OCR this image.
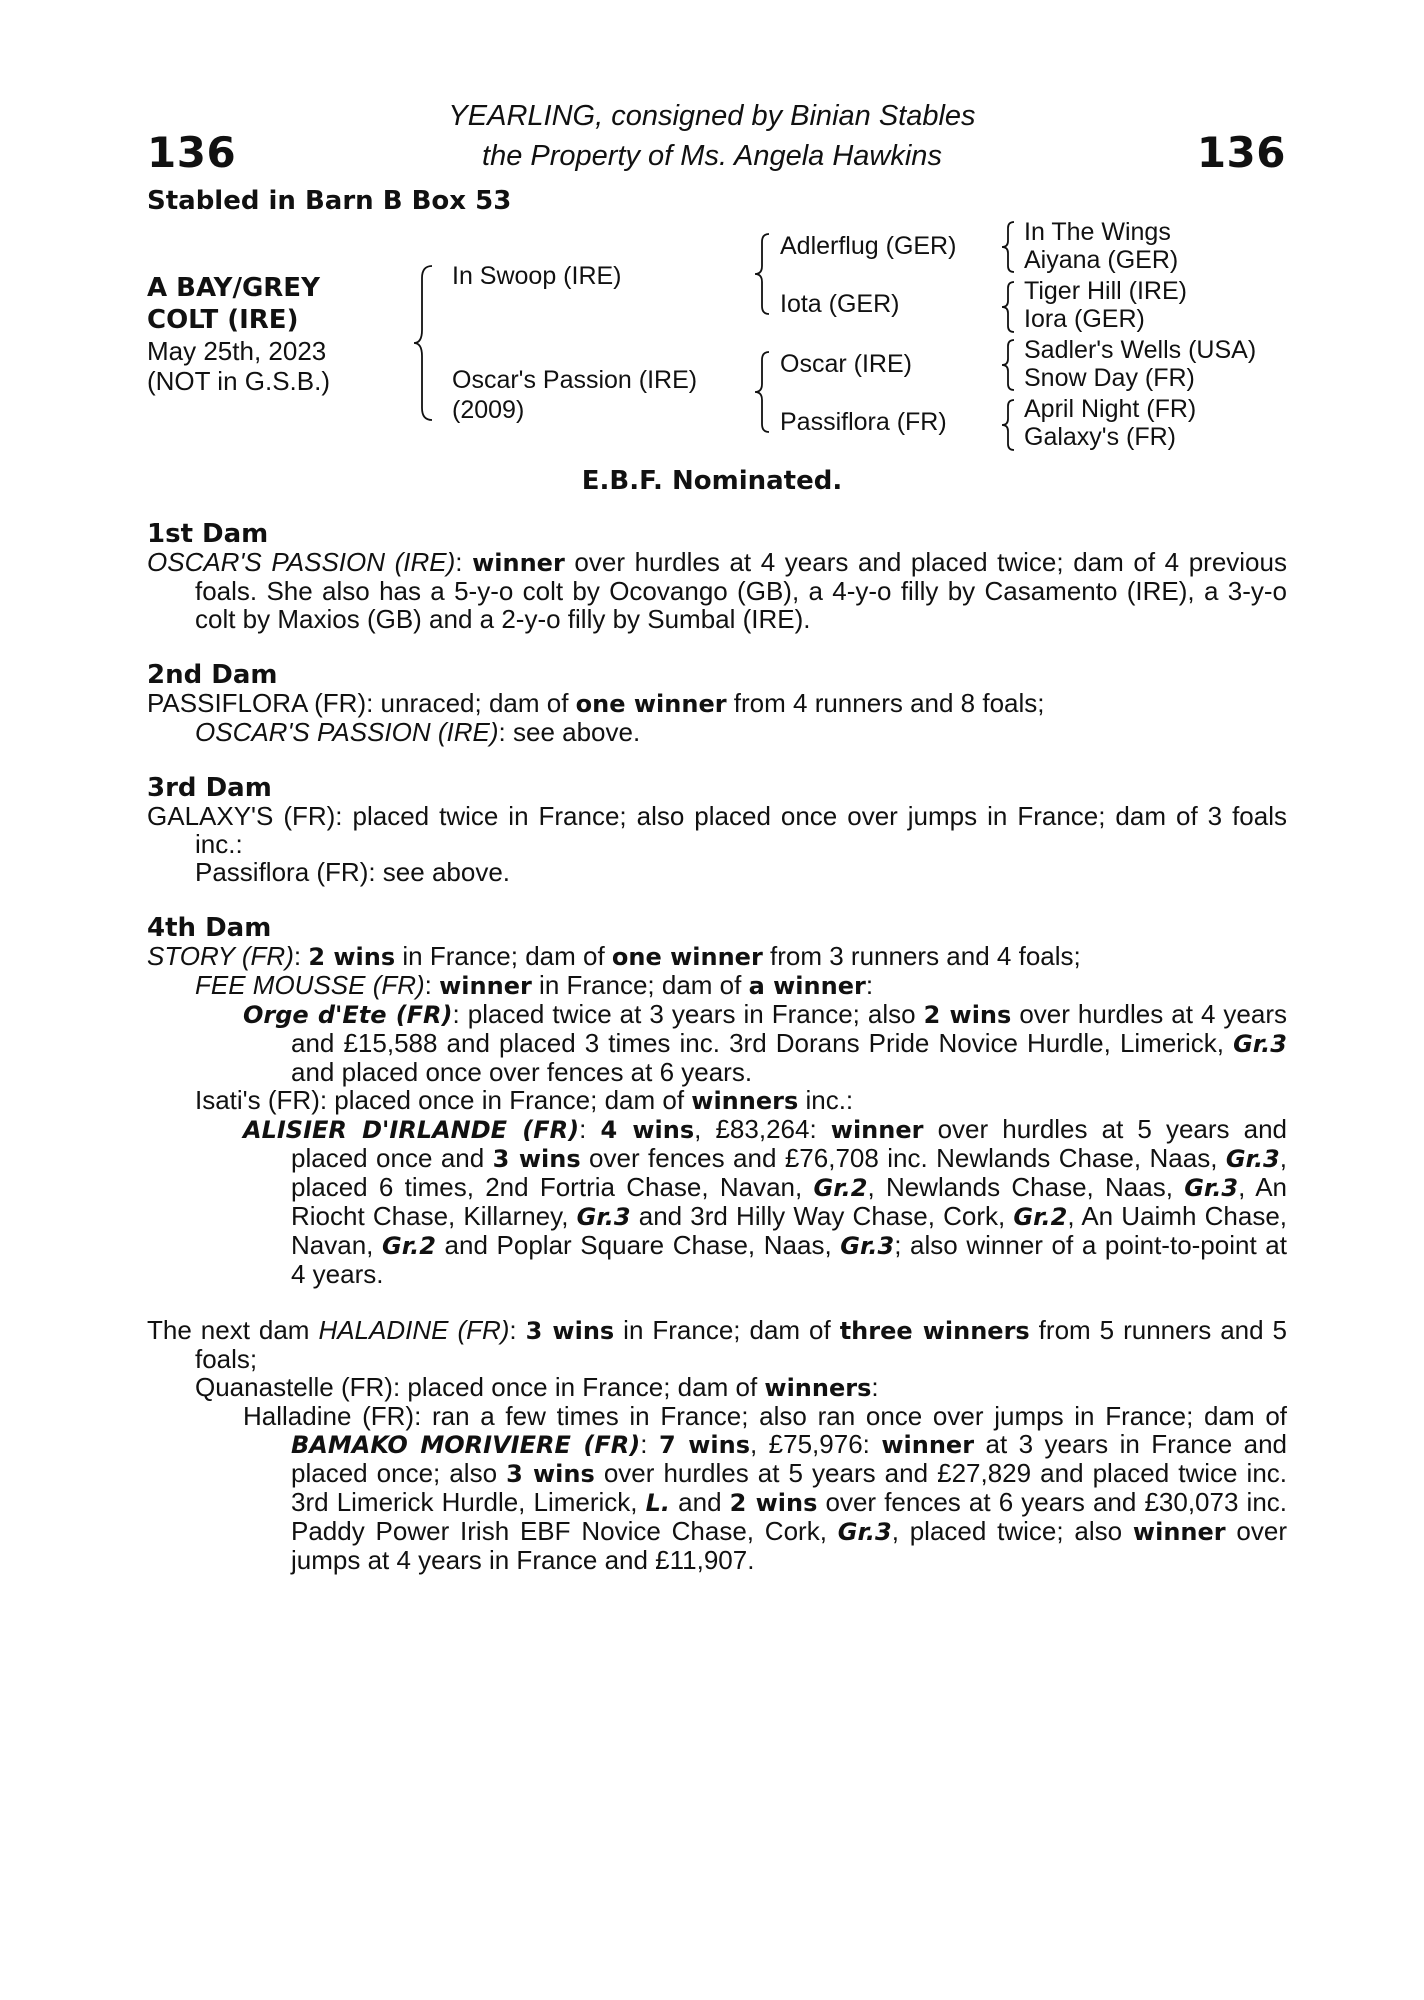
136	136
YEARLING, consigned by Binian Stables
the Property of Ms. Angela Hawkins
Stabled in Barn B Box 53
A BAY/GREY
COLT (IRE)
May 25th, 2023
(NOT in G.S.B.)
In Swoop (IRE)
Oscar's Passion (IRE)
(2009)
Adlerflug (GER)
Iota (GER)
Oscar (IRE)
Passiflora (FR)
In The Wings
Aiyana (GER)
Tiger Hill (IRE)
Iora (GER)
Sadler's Wells (USA)
Snow Day (FR)
April Night (FR)
Galaxy's (FR)
E.B.F. Nominated.
1st Dam
OSCAR'S PASSION (IRE): winner over hurdles at 4 years and placed twice; dam of 4 previous foals. She also has a 5-y-o colt by Ocovango (GB), a 4-y-o filly by Casamento (IRE), a 3-y-o colt by Maxios (GB) and a 2-y-o filly by Sumbal (IRE).
2nd Dam
PASSIFLORA (FR): unraced; dam of one winner from 4 runners and 8 foals;
OSCAR'S PASSION (IRE): see above.
3rd Dam
GALAXY'S (FR): placed twice in France; also placed once over jumps in France; dam of 3 foals inc.:
Passiflora (FR): see above.
4th Dam
STORY (FR): 2 wins in France; dam of one winner from 3 runners and 4 foals;
FEE MOUSSE (FR): winner in France; dam of a winner:
Orge d'Ete (FR): placed twice at 3 years in France; also 2 wins over hurdles at 4 years and £15,588 and placed 3 times inc. 3rd Dorans Pride Novice Hurdle, Limerick, Gr.3 and placed once over fences at 6 years.
Isati's (FR): placed once in France; dam of winners inc.:
ALISIER D'IRLANDE (FR): 4 wins, £83,264: winner over hurdles at 5 years and placed once and 3 wins over fences and £76,708 inc. Newlands Chase, Naas, Gr.3, placed 6 times, 2nd Fortria Chase, Navan, Gr.2, Newlands Chase, Naas, Gr.3, An Riocht Chase, Killarney, Gr.3 and 3rd Hilly Way Chase, Cork, Gr.2, An Uaimh Chase, Navan, Gr.2 and Poplar Square Chase, Naas, Gr.3; also winner of a point-to-point at 4 years.
The next dam HALADINE (FR): 3 wins in France; dam of three winners from 5 runners and 5 foals;
Quanastelle (FR): placed once in France; dam of winners:
Halladine (FR): ran a few times in France; also ran once over jumps in France; dam of BAMAKO MORIVIERE (FR): 7 wins, £75,976: winner at 3 years in France and placed once; also 3 wins over hurdles at 5 years and £27,829 and placed twice inc. 3rd Limerick Hurdle, Limerick, L. and 2 wins over fences at 6 years and £30,073 inc. Paddy Power Irish EBF Novice Chase, Cork, Gr.3, placed twice; also winner over jumps at 4 years in France and £11,907.
